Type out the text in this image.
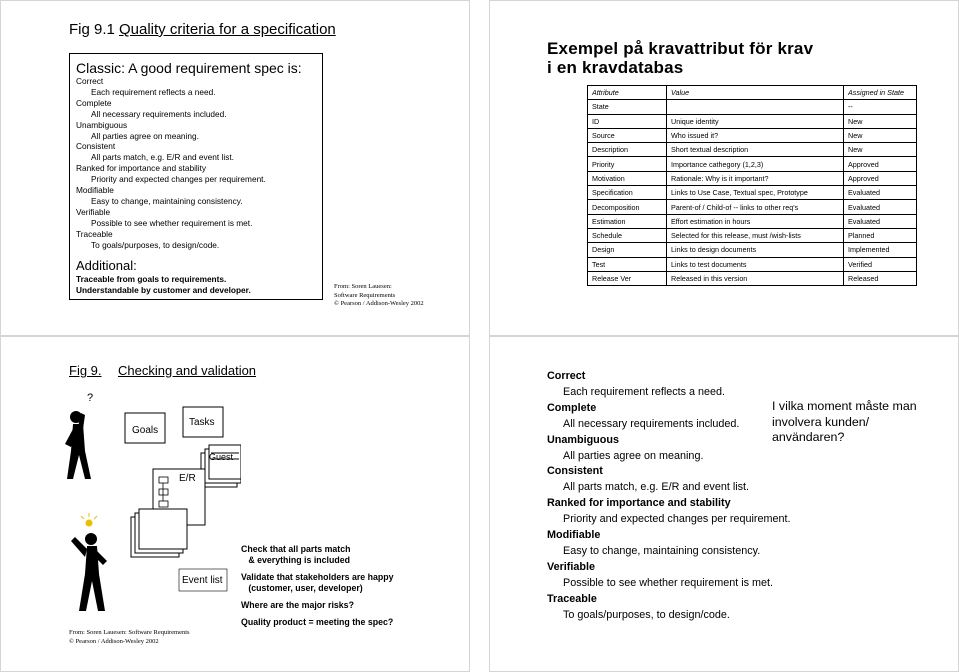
Fig 9.1 Quality criteria for a specification
Classic: A good requirement spec is:
Correct
Each requirement reflects a need.
Complete
All necessary requirements included.
Unambiguous
All parties agree on meaning.
Consistent
All parts match, e.g. E/R and event list.
Ranked for importance and stability
Priority and expected changes per requirement.
Modifiable
Easy to change, maintaining consistency.
Verifiable
Possible to see whether requirement is met.
Traceable
To goals/purposes, to design/code.
Additional:
Traceable from goals to requirements.
Understandable by customer and developer.	From: Soren Lauesen:
Software Requirements
© Pearson / Addison-Wesley 2002
Exempel på kravattribut för krav
i en kravdatabas
Attribute	Value	Assigned in State
State		--
ID	Unique identity	New
Source	Who issued it?	New
Description	Short textual description	New
Priority	Importance cathegory (1,2,3)	Approved
Motivation	Rationale: Why is it important?	Approved
Specification	Links to Use Case, Textual spec, Prototype	Evaluated
Decomposition	Parent-of / Child-of -- links to other req's	Evaluated
Estimation	Effort estimation in hours	Evaluated
Schedule	Selected for this release, must /wish-lists	Planned
Design	Links to design documents	Implemented
Test	Links to test documents	Verified
Release Ver	Released in this version	Released
Fig 9. Checking and validation
?
Goals
Tasks
Guest
E/R
Event list
Check that all parts match
& everything is included
Validate that stakeholders are happy
(customer, user, developer)
Where are the major risks?
Quality product = meeting the spec?
From: Soren Lauesen: Software Requirements
© Pearson / Addison-Wesley 2002
Correct
Each requirement reflects a need.
Complete
All necessary requirements included.
Unambiguous
All parties agree on meaning.
Consistent
All parts match, e.g. E/R and event list.
Ranked for importance and stability
Priority and expected changes per requirement.
Modifiable
Easy to change, maintaining consistency.
Verifiable
Possible to see whether requirement is met.
Traceable
To goals/purposes, to design/code.
I vilka moment måste man involvera kunden/ användaren?
